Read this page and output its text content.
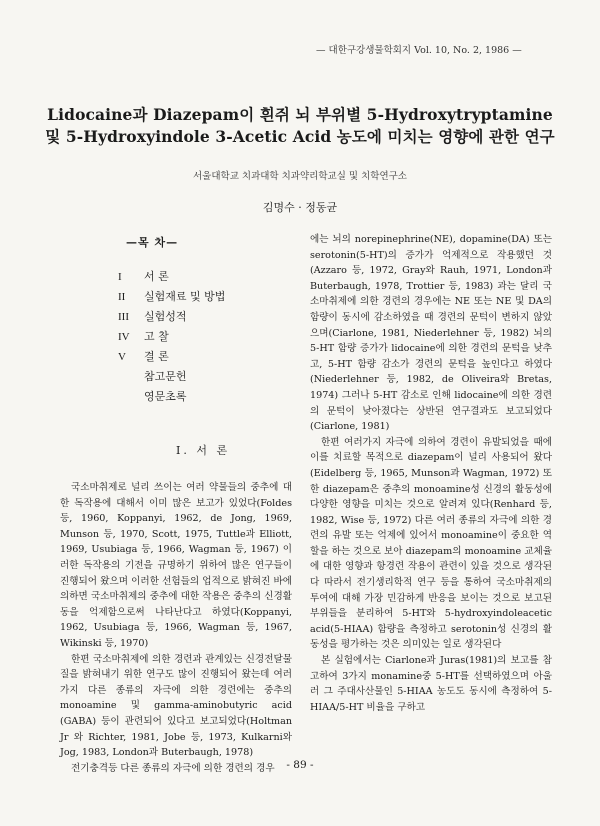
— 대한구강생물학회지 Vol. 10, No. 2, 1986 —
Lidocaine과 Diazepam이 흰쥐 뇌 부위별 5-Hydroxytryptamine
및 5-Hydroxyindole 3-Acetic Acid 농도에 미치는 영향에 관한 연구
서울대학교 치과대학 치과약리학교실 및 치학연구소
김명수 · 정동균
—목 차—
I	서 론
II	실험재료 및 방법
III	실험성적
IV	고 찰
V	결 론
참고문헌
영문초록
I. 서 론

국소마취제로 널리 쓰이는 여러 약물들의 중추에 대한 독작용에 대해서 이미 많은 보고가 있었다(Foldes 등, 1960, Koppanyi, 1962, de Jong, 1969, Munson 등, 1970, Scott, 1975, Tuttle과 Elliott, 1969, Usubiaga 등, 1966, Wagman 등, 1967) 이러한 독작용의 기전을 규명하기 위하여 많은 연구들이 진행되어 왔으며 이러한 선험들의 업적으로 밝혀진 바에 의하면 국소마취제의 중추에 대한 작용은 중추의 신경활동을 억제함으로써 나타난다고 하였다(Koppanyi, 1962, Usubiaga 등, 1966, Wagman 등, 1967, Wikinski 등, 1970)

한편 국소마취제에 의한 경련과 관계있는 신경전달물질을 밝혀내기 위한 연구도 많이 진행되어 왔는데 여러 가지 다른 종류의 자극에 의한 경련에는 중추의 monoamine 및 gamma-aminobutyric acid (GABA) 등이 관련되어 있다고 보고되었다(Holtman Jr 와 Richter, 1981, Jobe 등, 1973, Kulkarni와 Jog, 1983, London과 Buterbaugh, 1978)

전기충격등 다른 종류의 자극에 의한 경련의 경우

에는 뇌의 norepinephrine(NE), dopamine(DA) 또는 serotonin(5-HT)의 증가가 억제적으로 작용했던 것(Azzaro 등, 1972, Gray와 Rauh, 1971, London과 Buterbaugh, 1978, Trottier 등, 1983) 과는 달리 국소마취제에 의한 경련의 경우에는 NE 또는 NE 및 DA의 함량이 동시에 감소하였을 때 경련의 문턱이 변하지 않았으며(Ciarlone, 1981, Niederlehner 등, 1982) 뇌의 5-HT 함량 증가가 lidocaine에 의한 경련의 문턱을 낮추고, 5-HT 함량 감소가 경련의 문턱을 높인다고 하였다(Niederlehner 등, 1982, de Oliveira와 Bretas, 1974) 그러나 5-HT 감소로 인해 lidocaine에 의한 경련의 문턱이 낮아졌다는 상반된 연구결과도 보고되었다(Ciarlone, 1981)

한편 여러가지 자극에 의하여 경련이 유발되었을 때에 이를 치료할 목적으로 diazepam이 널리 사용되어 왔다(Eidelberg 등, 1965, Munson과 Wagman, 1972) 또한 diazepam은 중추의 monoamine성 신경의 활동성에 다양한 영향을 미치는 것으로 알려져 있다(Renhard 등, 1982, Wise 등, 1972) 다른 여러 종류의 자극에 의한 경련의 유발 또는 억제에 있어서 monoamine이 중요한 역할을 하는 것으로 보아 diazepam의 monoamine 교체율에 대한 영향과 항경련 작용이 관련이 있을 것으로 생각된다 따라서 전기생리학적 연구 등을 통하여 국소마취제의 투여에 대해 가장 민감하게 반응을 보이는 것으로 보고된 부위들을 분리하여 5-HT와 5-hydroxyindoleacetic acid(5-HIAA) 함량을 측정하고 serotonin성 신경의 활동성을 평가하는 것은 의미있는 일로 생각된다

본 실험에서는 Ciarlone과 Juras(1981)의 보고를 참고하여 3가지 monamine중 5-HT를 선택하였으며 아울러 그 주대사산물인 5-HIAA 농도도 동시에 측정하여 5-HIAA/5-HT 비율을 구하고

- 89 -
